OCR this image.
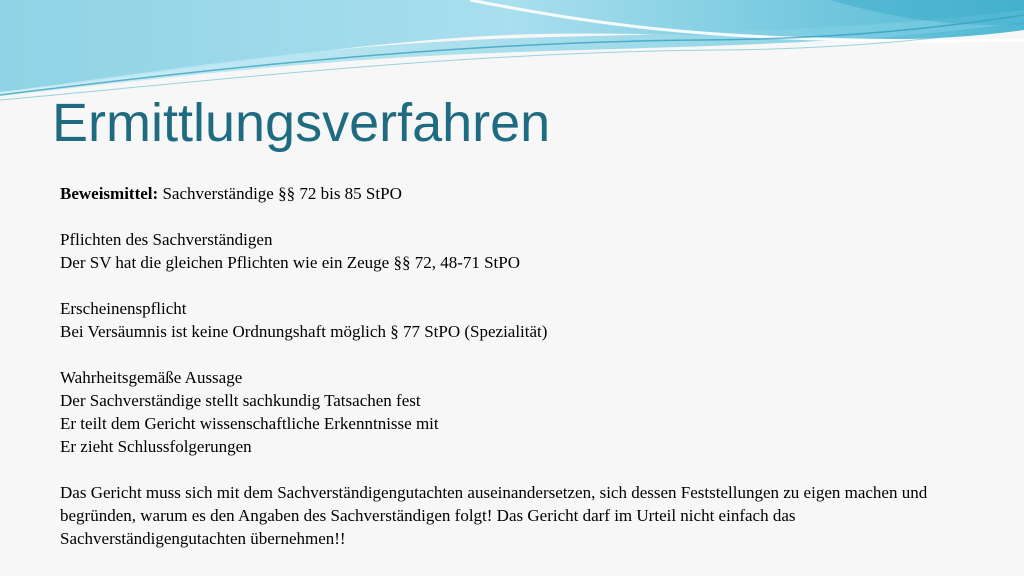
Ermittlungsverfahren
Beweismittel: Sachverständige §§ 72 bis 85 StPO
Pflichten des Sachverständigen
Der SV hat die gleichen Pflichten wie ein Zeuge §§ 72, 48-71 StPO
Erscheinenspflicht
Bei Versäumnis ist keine Ordnungshaft möglich § 77 StPO (Spezialität)
Wahrheitsgemäße Aussage
Der Sachverständige stellt sachkundig Tatsachen fest
Er teilt dem Gericht wissenschaftliche Erkenntnisse mit
Er zieht Schlussfolgerungen
Das Gericht muss sich mit dem Sachverständigengutachten auseinandersetzen, sich dessen Feststellungen zu eigen machen und begründen, warum es den Angaben des Sachverständigen folgt! Das Gericht darf im Urteil nicht einfach das Sachverständigengutachten übernehmen!!
